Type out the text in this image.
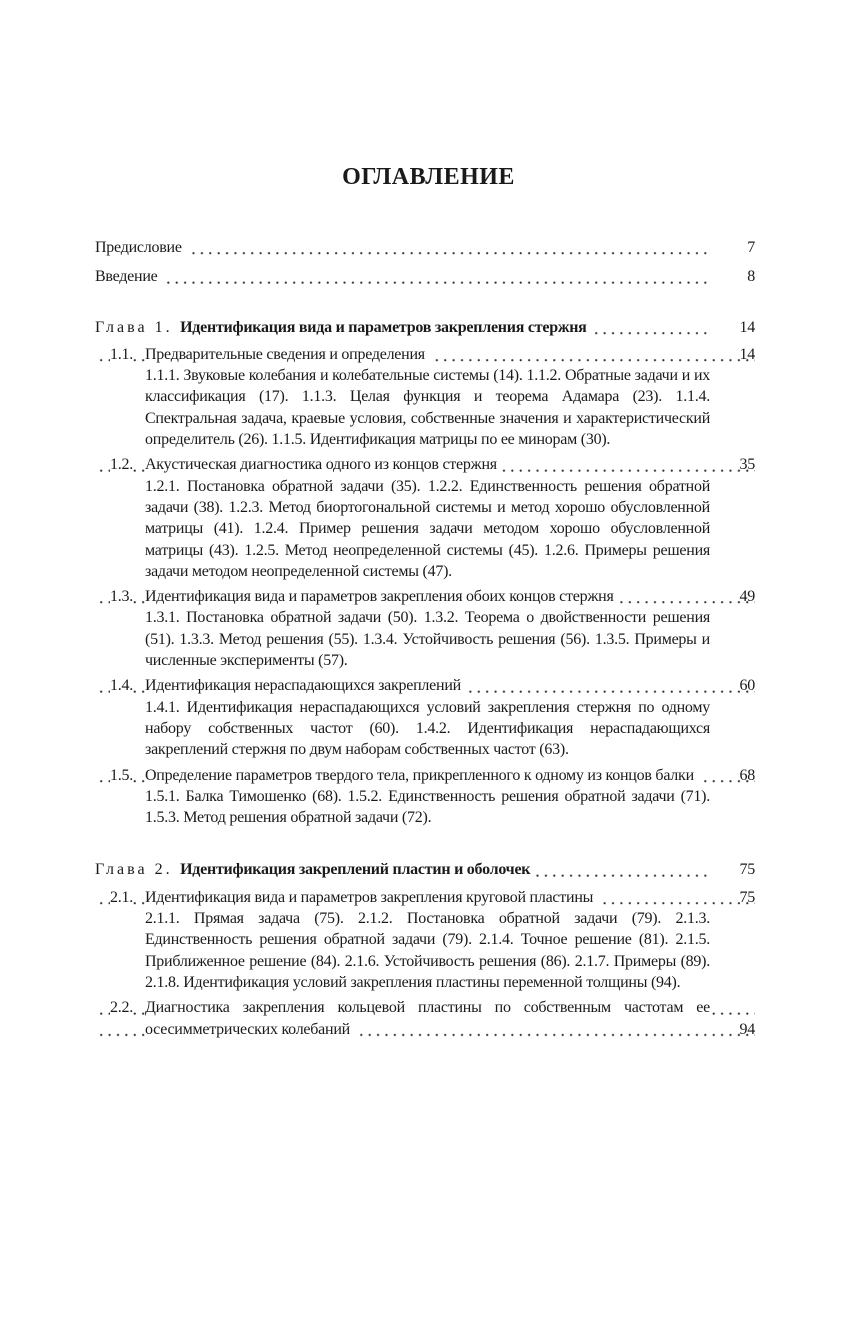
ОГЛАВЛЕНИЕ
Предисловие	7
Введение	8
Глава 1. Идентификация вида и параметров закрепления стержня	14
1.1. Предварительные сведения и определения	14
1.1.1. Звуковые колебания и колебательные системы (14). 1.1.2. Обратные задачи и их классификация (17). 1.1.3. Целая функция и теорема Адамара (23). 1.1.4. Спектральная задача, краевые условия, собственные значения и характеристический определитель (26). 1.1.5. Идентификация матрицы по ее минорам (30).
1.2. Акустическая диагностика одного из концов стержня	35
1.2.1. Постановка обратной задачи (35). 1.2.2. Единственность решения обратной задачи (38). 1.2.3. Метод биортогональной системы и метод хорошо обусловленной матрицы (41). 1.2.4. Пример решения задачи методом хорошо обусловленной матрицы (43). 1.2.5. Метод неопределенной системы (45). 1.2.6. Примеры решения задачи методом неопределенной системы (47).
1.3. Идентификация вида и параметров закрепления обоих концов стержня	49
1.3.1. Постановка обратной задачи (50). 1.3.2. Теорема о двойственности решения (51). 1.3.3. Метод решения (55). 1.3.4. Устойчивость решения (56). 1.3.5. Примеры и численные эксперименты (57).
1.4. Идентификация нераспадающихся закреплений	60
1.4.1. Идентификация нераспадающихся условий закрепления стержня по одному набору собственных частот (60). 1.4.2. Идентификация нераспадающихся закреплений стержня по двум наборам собственных частот (63).
1.5. Определение параметров твердого тела, прикрепленного к одному из концов балки	68
1.5.1. Балка Тимошенко (68). 1.5.2. Единственность решения обратной задачи (71). 1.5.3. Метод решения обратной задачи (72).
Глава 2. Идентификация закреплений пластин и оболочек	75
2.1. Идентификация вида и параметров закрепления круговой пластины	75
2.1.1. Прямая задача (75). 2.1.2. Постановка обратной задачи (79). 2.1.3. Единственность решения обратной задачи (79). 2.1.4. Точное решение (81). 2.1.5. Приближенное решение (84). 2.1.6. Устойчивость решения (86). 2.1.7. Примеры (89). 2.1.8. Идентификация условий закрепления пластины переменной толщины (94).
2.2. Диагностика закрепления кольцевой пластины по собственным частотам ее осесимметрических колебаний	94
